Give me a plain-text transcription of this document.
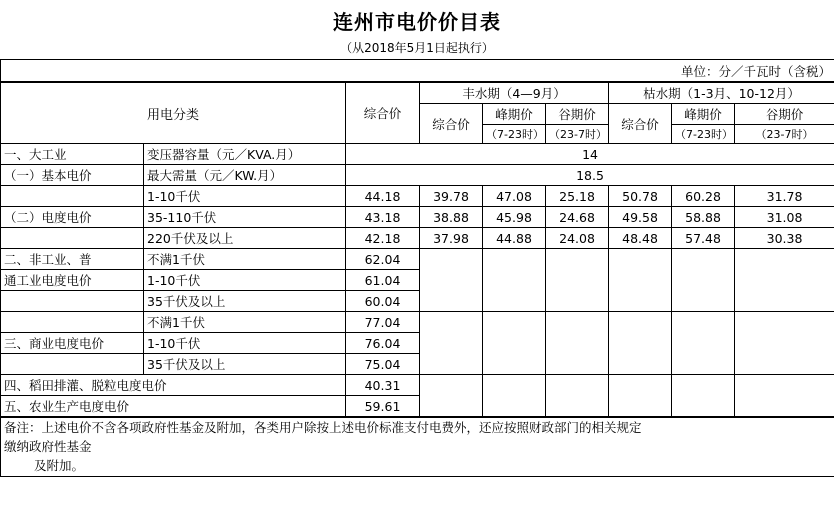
连州市电价价目表
（从2018年5月1日起执行）
单位：分／千瓦时（含税）
用电分类		综合价	丰水期（4—9月）			枯水期（1-3月、10-12月）		
			综合价	峰期价	谷期价	综合价	峰期价	谷期价
				（7-23时）	（23-7时）		（7-23时）	（23-7时）
一、大工业	变压器容量（元／KVA.月）	14						
（一）基本电价	最大需量（元／KW.月）	18.5						
	1-10千伏	44.18	39.78	47.08	25.18	50.78	60.28	31.78
（二）电度电价	35-110千伏	43.18	38.88	45.98	24.68	49.58	58.88	31.08
	220千伏及以上	42.18	37.98	44.88	24.08	48.48	57.48	30.38
二、非工业、普	不满1千伏	62.04						
通工业电度电价	1-10千伏	61.04						
	35千伏及以上	60.04						
	不满1千伏	77.04						
三、商业电度电价	1-10千伏	76.04						
	35千伏及以上	75.04						
四、稻田排灌、脱粒电度电价		40.31						
五、农业生产电度电价		59.61						
备注：上述电价不含各项政府性基金及附加，各类用户除按上述电价标准支付电费外，还应按照财政部门的相关规定
缴纳政府性基金
及附加。
